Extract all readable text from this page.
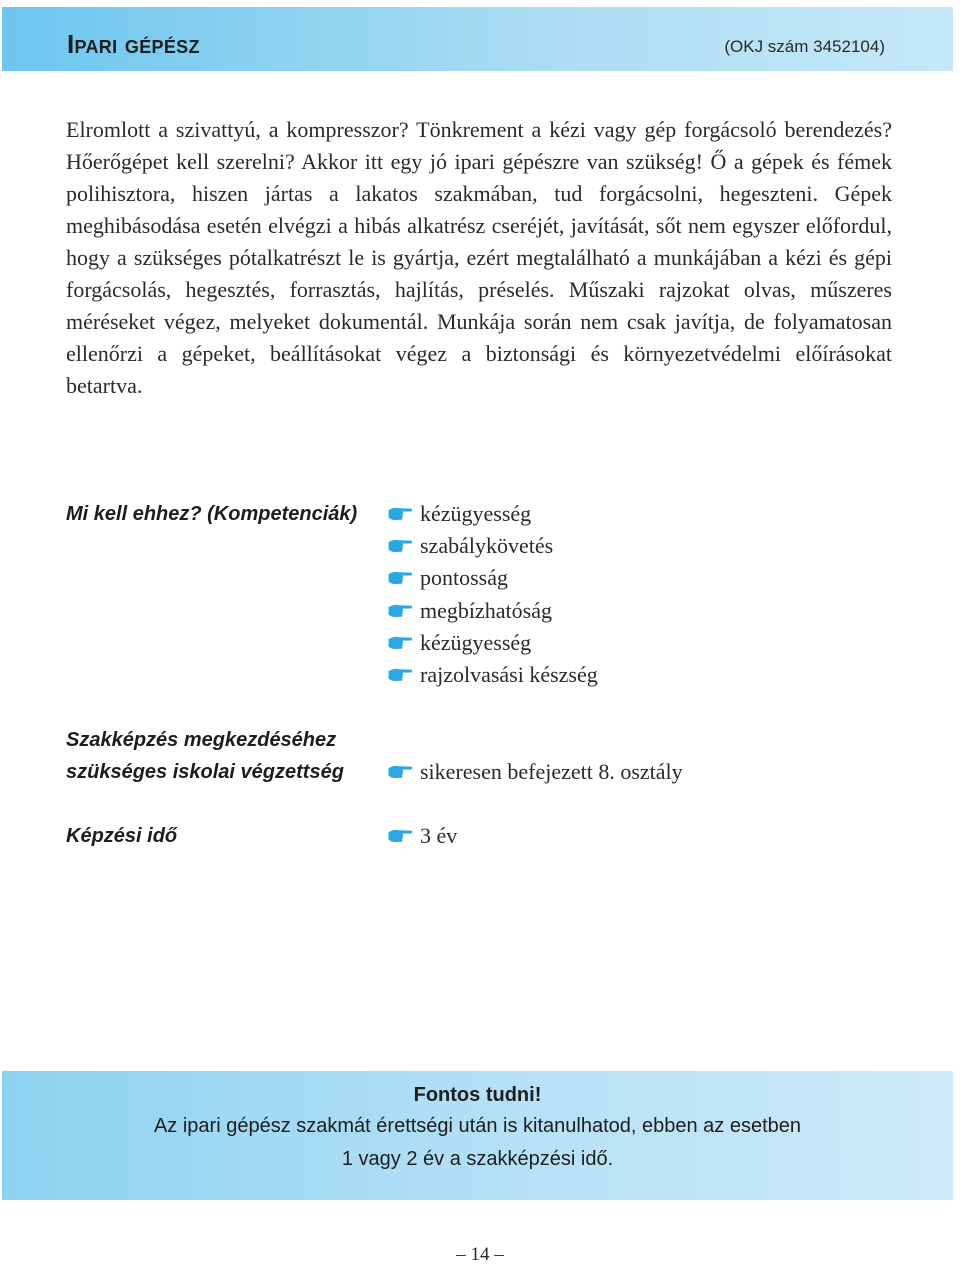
Ipari gépész	(OKJ szám 3452104)

Elromlott a szivattyú, a kompresszor? Tönkrement a kézi vagy gép forgácsoló berendezés? Hőerőgépet kell szerelni? Akkor itt egy jó ipari gépészre van szükség! Ő a gépek és fémek polihisztora, hiszen jártas a lakatos szakmában, tud forgácsolni, hegeszteni. Gépek meghibásodása esetén elvégzi a hibás alkatrész cseréjét, javítását, sőt nem egyszer előfordul, hogy a szükséges pótalkatrészt le is gyártja, ezért megtalálható a munkájában a kézi és gépi forgácsolás, hegesztés, forrasztás, hajlítás, préselés. Műszaki rajzokat olvas, műszeres méréseket végez, melyeket dokumentál. Munkája során nem csak javítja, de folyamatosan ellenőrzi a gépeket, beállításokat végez a biztonsági és környezetvédelmi előírásokat betartva.

Mi kell ehhez? (Kompetenciák)	kézügyesség
szabálykövetés
pontosság
megbízhatóság
kézügyesség
rajzolvasási készség
Szakképzés megkezdéséhez
szükséges iskolai végzettség	sikeresen befejezett 8. osztály
Képzési idő	3 év
Fontos tudni!
Az ipari gépész szakmát érettségi után is kitanulhatod, ebben az esetben
1 vagy 2 év a szakképzési idő.
– 14 –
